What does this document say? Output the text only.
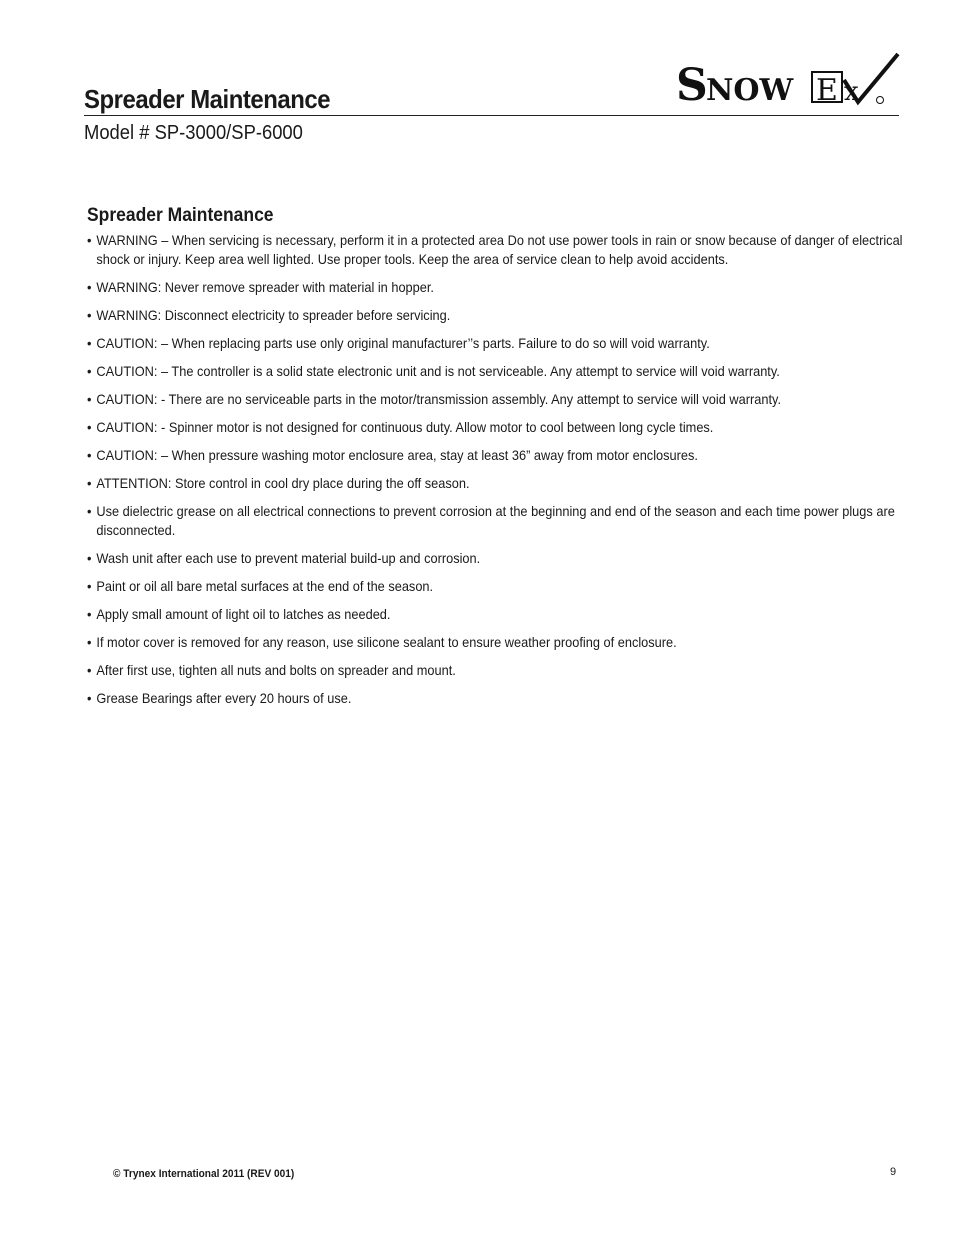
Spreader Maintenance	S
NOW E x
Model # SP-3000/SP-6000
Spreader Maintenance
• WARNING – When servicing is necessary, perform it in a protected area Do not use power tools in rain or snow because of danger of electrical shock or injury. Keep area well lighted. Use proper tools. Keep the area of service clean to help avoid accidents.
• WARNING: Never remove spreader with material in hopper.
• WARNING: Disconnect electricity to spreader before servicing.
• CAUTION: – When replacing parts use only original manufacturer’’s parts. Failure to do so will void warranty.
• CAUTION: – The controller is a solid state electronic unit and is not serviceable. Any attempt to service will void warranty.
• CAUTION: - There are no serviceable parts in the motor/transmission assembly. Any attempt to service will void warranty.
• CAUTION: - Spinner motor is not designed for continuous duty. Allow motor to cool between long cycle times.
• CAUTION: – When pressure washing motor enclosure area, stay at least 36” away from motor enclosures.
• ATTENTION: Store control in cool dry place during the off season.
• Use dielectric grease on all electrical connections to prevent corrosion at the beginning and end of the season and each time power plugs are disconnected.
• Wash unit after each use to prevent material build-up and corrosion.
• Paint or oil all bare metal surfaces at the end of the season.
• Apply small amount of light oil to latches as needed.
• If motor cover is removed for any reason, use silicone sealant to ensure weather proofing of enclosure.
• After first use, tighten all nuts and bolts on spreader and mount.
• Grease Bearings after every 20 hours of use.
© Trynex International 2011 (REV 001)	9
